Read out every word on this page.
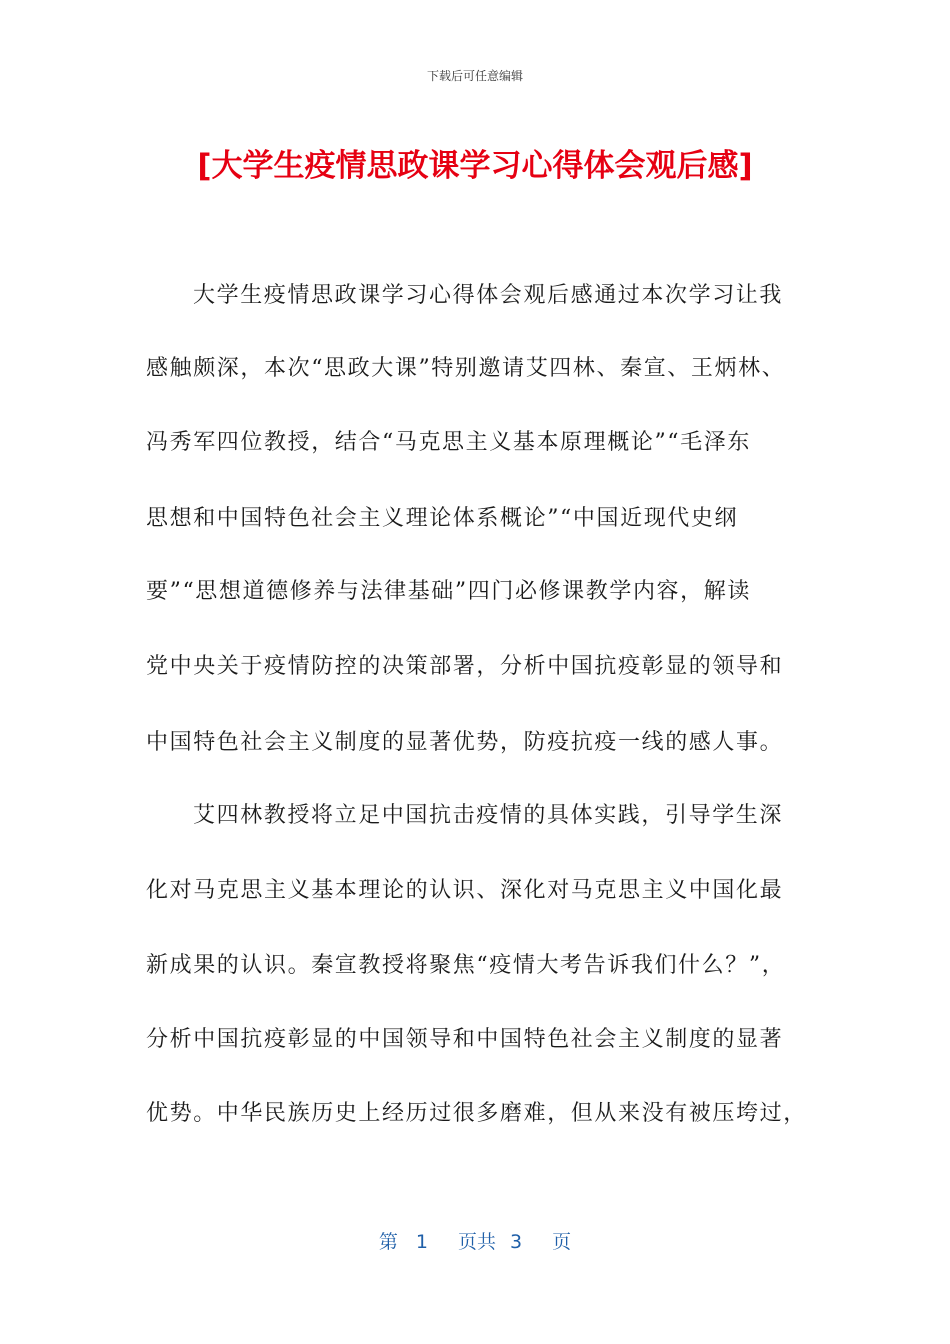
下载后可任意编辑
[大学生疫情思政课学习心得体会观后感]
大学生疫情思政课学习心得体会观后感通过本次学习让我
感触颇深，本次“思政大课”特别邀请艾四林、秦宣、王炳林、
冯秀军四位教授，结合“马克思主义基本原理概论”“毛泽东
思想和中国特色社会主义理论体系概论”“中国近现代史纲
要”“思想道德修养与法律基础”四门必修课教学内容，解读
党中央关于疫情防控的决策部署，分析中国抗疫彰显的领导和
中国特色社会主义制度的显著优势，防疫抗疫一线的感人事。
艾四林教授将立足中国抗击疫情的具体实践，引导学生深
化对马克思主义基本理论的认识、深化对马克思主义中国化最
新成果的认识。秦宣教授将聚焦“疫情大考告诉我们什么？”，
分析中国抗疫彰显的中国领导和中国特色社会主义制度的显著
优势。中华民族历史上经历过很多磨难，但从来没有被压垮过，
第 1 页共 3 页
